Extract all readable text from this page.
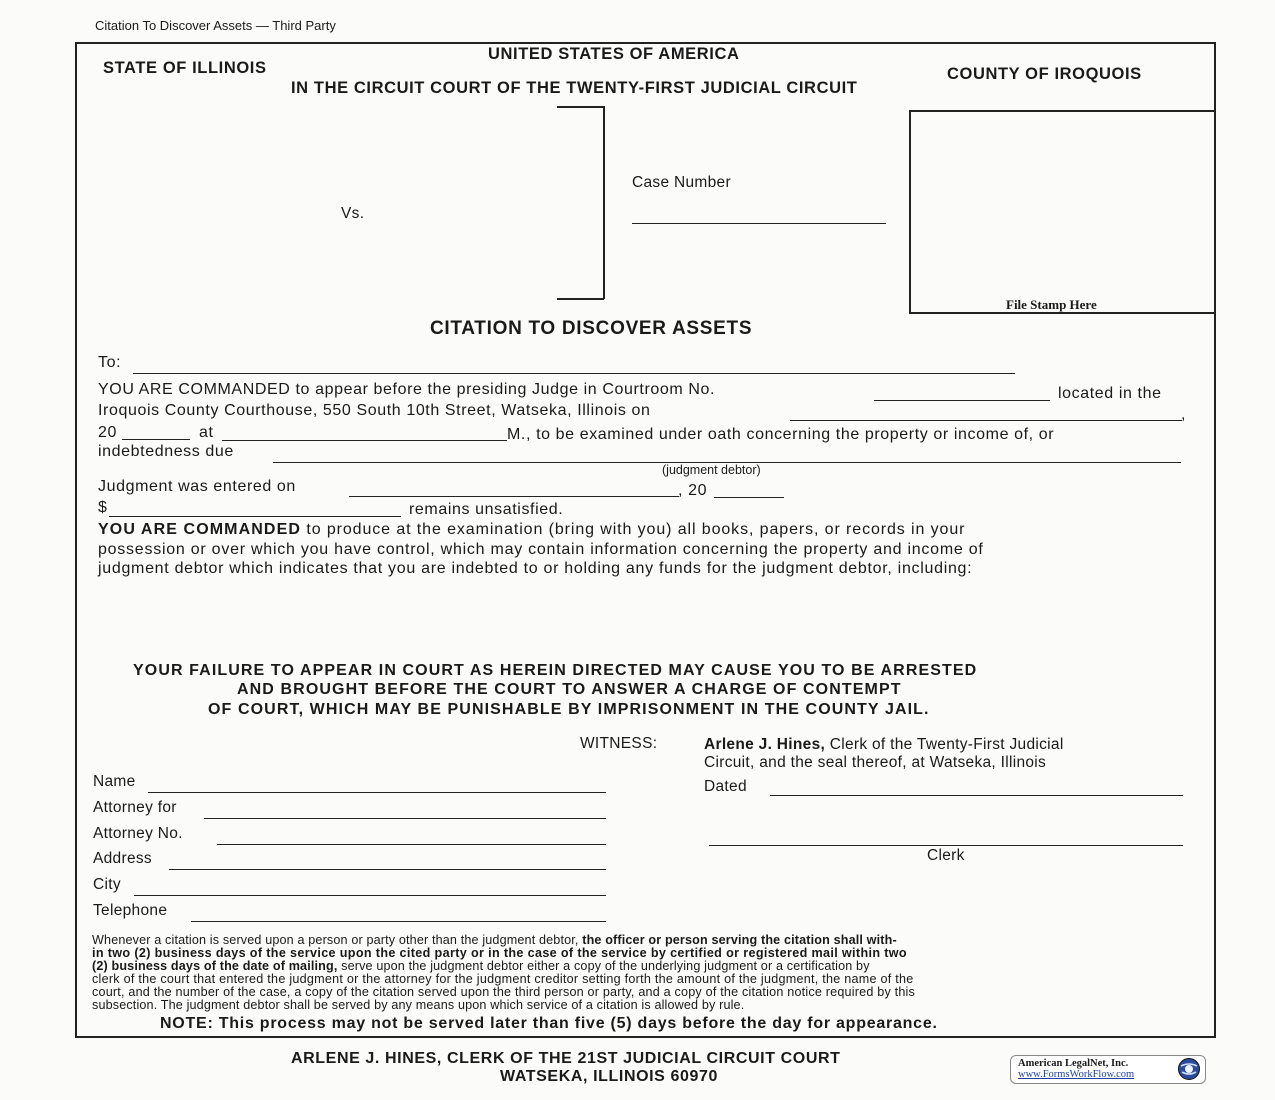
Citation To Discover Assets — Third Party
UNITED STATES OF AMERICA
STATE OF ILLINOIS	COUNTY OF IROQUOIS
IN THE CIRCUIT COURT OF THE TWENTY-FIRST JUDICIAL CIRCUIT
Vs.
Case Number
File Stamp Here
CITATION TO DISCOVER ASSETS
To:
YOU ARE COMMANDED to appear before the presiding Judge in Courtroom No.	located in the
Iroquois County Courthouse, 550 South 10th Street, Watseka, Illinois on	,
20	at	M., to be examined under oath concerning the property or income of, or
indebtedness due
(judgment debtor)
Judgment was entered on	, 20
$	remains unsatisfied.
YOU ARE COMMANDED to produce at the examination (bring with you) all books, papers, or records in your
possession or over which you have control, which may contain information concerning the property and income of
judgment debtor which indicates that you are indebted to or holding any funds for the judgment debtor, including:
YOUR FAILURE TO APPEAR IN COURT AS HEREIN DIRECTED MAY CAUSE YOU TO BE ARRESTED
AND BROUGHT BEFORE THE COURT TO ANSWER A CHARGE OF CONTEMPT
OF COURT, WHICH MAY BE PUNISHABLE BY IMPRISONMENT IN THE COUNTY JAIL.
WITNESS:	Arlene J. Hines, Clerk of the Twenty-First Judicial
Circuit, and the seal thereof, at Watseka, Illinois
Dated
Clerk
Name
Attorney for
Attorney No.
Address
City
Telephone
Whenever a citation is served upon a person or party other than the judgment debtor, the officer or person serving the citation shall with-
in two (2) business days of the service upon the cited party or in the case of the service by certified or registered mail within two
(2) business days of the date of mailing, serve upon the judgment debtor either a copy of the underlying judgment or a certification by
clerk of the court that entered the judgment or the attorney for the judgment creditor setting forth the amount of the judgment, the name of the
court, and the number of the case, a copy of the citation served upon the third person or party, and a copy of the citation notice required by this
subsection. The judgment debtor shall be served by any means upon which service of a citation is allowed by rule.
NOTE: This process may not be served later than five (5) days before the day for appearance.
ARLENE J. HINES, CLERK OF THE 21ST JUDICIAL CIRCUIT COURT
WATSEKA, ILLINOIS 60970
American LegalNet, Inc.
www.FormsWorkFlow.com
